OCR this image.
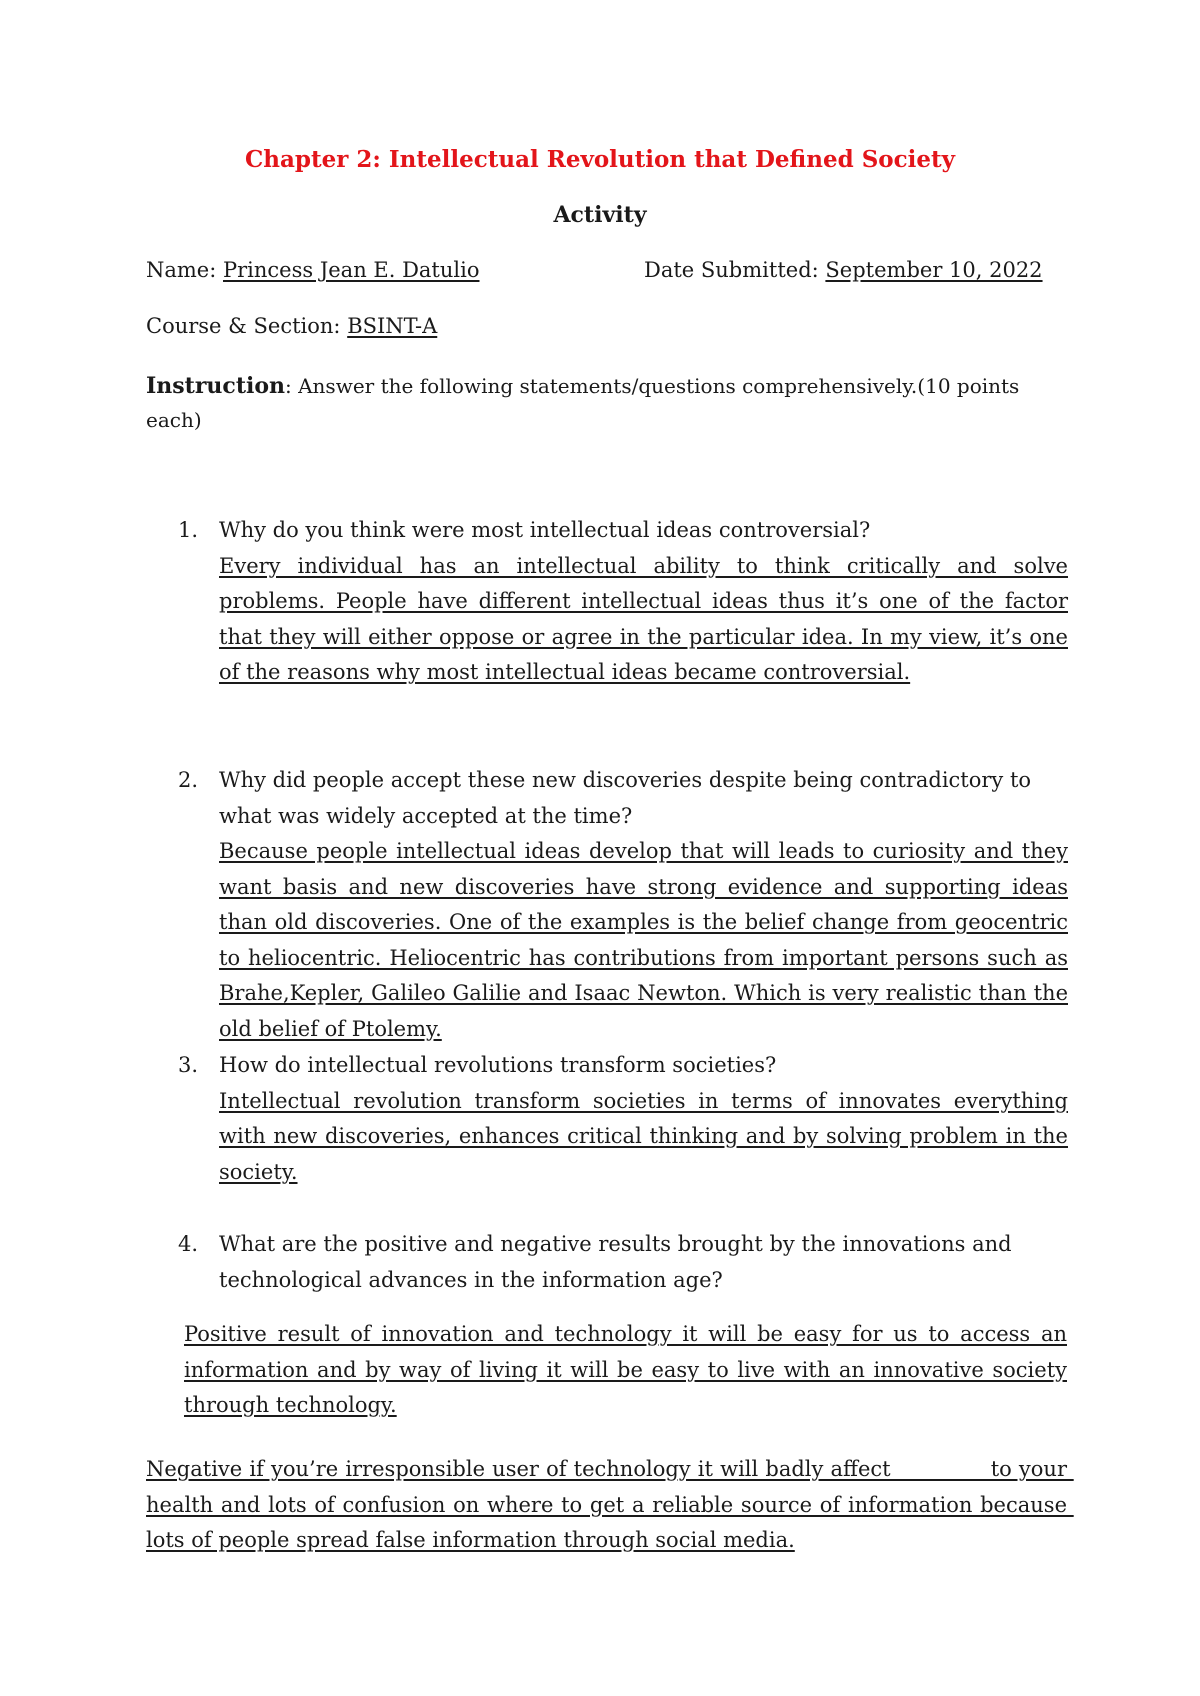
Chapter 2: Intellectual Revolution that Defined Society
Activity
Name: Princess Jean E. Datulio	Date Submitted: September 10, 2022
Course & Section: BSINT-A
Instruction: Answer the following statements/questions comprehensively.(10 points each)
1. Why do you think were most intellectual ideas controversial?
Every individual has an intellectual ability to think critically and solve problems. People have different intellectual ideas thus it’s one of the factor that they will either oppose or agree in the particular idea. In my view, it’s one of the reasons why most intellectual ideas became controversial.
2. Why did people accept these new discoveries despite being contradictory to what was widely accepted at the time?
Because people intellectual ideas develop that will leads to curiosity and they want basis and new discoveries have strong evidence and supporting ideas than old discoveries. One of the examples is the belief change from geocentric to heliocentric. Heliocentric has contributions from important persons such as Brahe,Kepler, Galileo Galilie and Isaac Newton. Which is very realistic than the old belief of Ptolemy.
3. How do intellectual revolutions transform societies?
Intellectual revolution transform societies in terms of innovates everything with new discoveries, enhances critical thinking and by solving problem in the society.
4. What are the positive and negative results brought by the innovations and technological advances in the information age?
Positive result of innovation and technology it will be easy for us to access an information and by way of living it will be easy to live with an innovative society through technology.
Negative if you’re irresponsible user of technology it will badly affect              to your health and lots of confusion on where to get a reliable source of information because lots of people spread false information through social media.
